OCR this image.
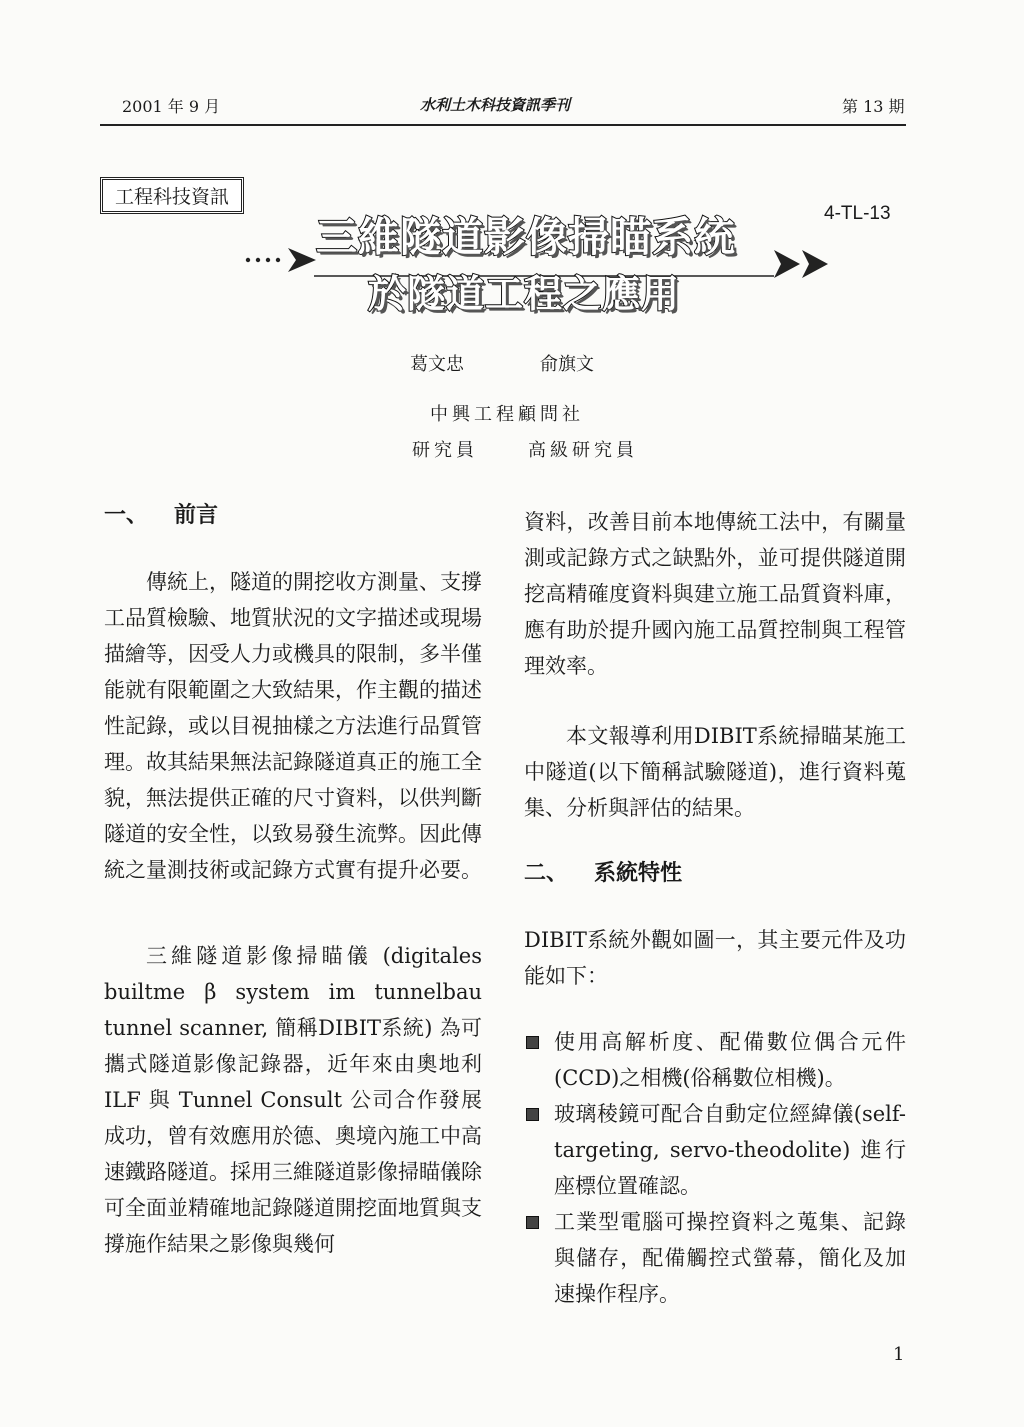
2001 年 9 月	水利土木科技資訊季刊	第 13 期
工程科技資訊
4-TL-13
三維隧道影像掃瞄系統
於隧道工程之應用
葛文忠	俞旗文
中興工程顧問社
研究員	高級研究員
一、 前言

傳統上，隧道的開挖收方測量、支撐工品質檢驗、地質狀況的文字描述或現場描繪等，因受人力或機具的限制，多半僅能就有限範圍之大致結果，作主觀的描述性記錄，或以目視抽樣之方法進行品質管理。故其結果無法記錄隧道真正的施工全貌，無法提供正確的尺寸資料，以供判斷隧道的安全性，以致易發生流弊。因此傳統之量測技術或記錄方式實有提升必要。

三維隧道影像掃瞄儀 (digitales builtme β system im tunnelbau tunnel scanner, 簡稱DIBIT系統) 為可攜式隧道影像記錄器，近年來由奧地利 ILF 與 Tunnel Consult 公司合作發展成功，曾有效應用於德、奧境內施工中高速鐵路隧道。採用三維隧道影像掃瞄儀除可全面並精確地記錄隧道開挖面地質與支撐施作結果之影像與幾何

資料，改善目前本地傳統工法中，有關量測或記錄方式之缺點外，並可提供隧道開挖高精確度資料與建立施工品質資料庫，應有助於提升國內施工品質控制與工程管理效率。

本文報導利用DIBIT系統掃瞄某施工中隧道(以下簡稱試驗隧道)，進行資料蒐集、分析與評估的結果。

二、 系統特性

DIBIT系統外觀如圖一，其主要元件及功能如下：

使用高解析度、配備數位偶合元件(CCD)之相機(俗稱數位相機)。
玻璃稜鏡可配合自動定位經緯儀(self-targeting, servo-theodolite) 進行座標位置確認。
工業型電腦可操控資料之蒐集、記錄與儲存，配備觸控式螢幕，簡化及加速操作程序。
1
